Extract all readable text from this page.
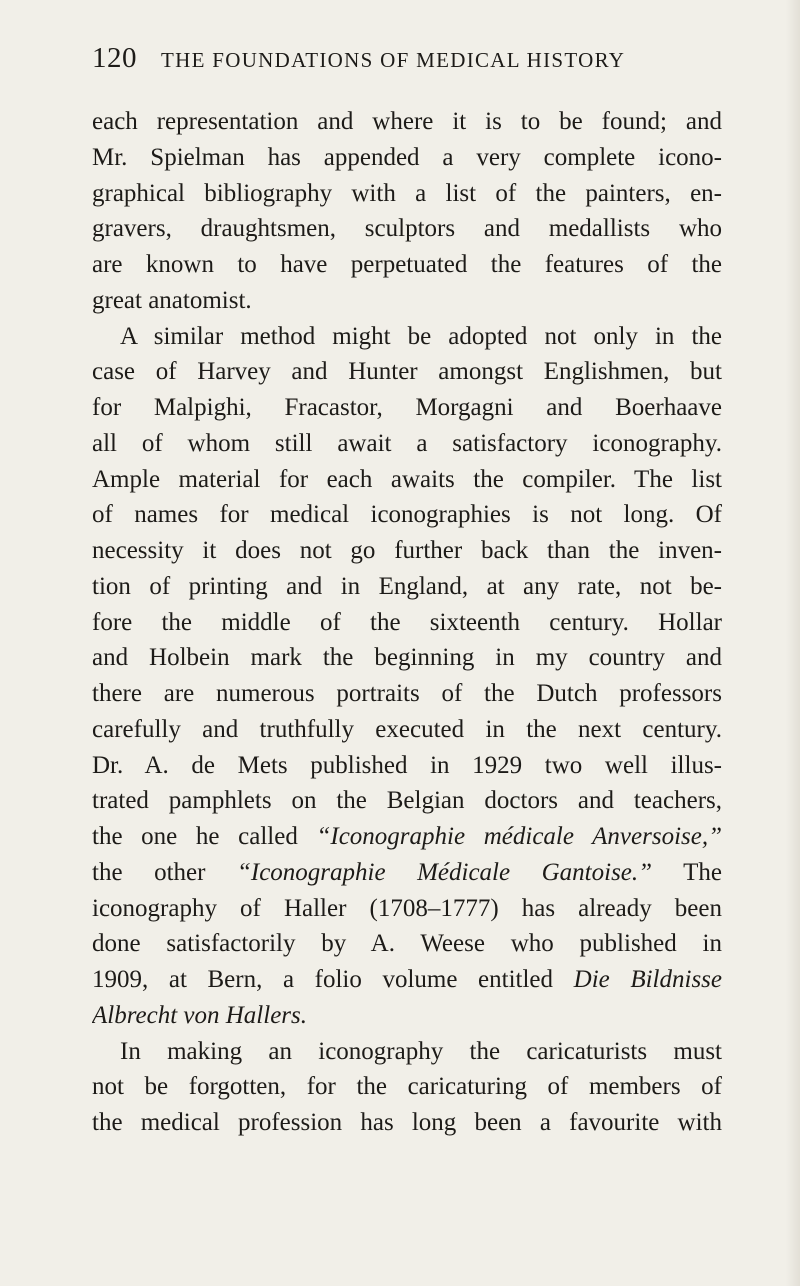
120 THE FOUNDATIONS OF MEDICAL HISTORY
each representation and where it is to be found; and
Mr. Spielman has appended a very complete icono-
graphical bibliography with a list of the painters, en-
gravers, draughtsmen, sculptors and medallists who
are known to have perpetuated the features of the
great anatomist.
A similar method might be adopted not only in the
case of Harvey and Hunter amongst Englishmen, but
for Malpighi, Fracastor, Morgagni and Boerhaave
all of whom still await a satisfactory iconography.
Ample material for each awaits the compiler. The list
of names for medical iconographies is not long. Of
necessity it does not go further back than the inven-
tion of printing and in England, at any rate, not be-
fore the middle of the sixteenth century. Hollar
and Holbein mark the beginning in my country and
there are numerous portraits of the Dutch professors
carefully and truthfully executed in the next century.
Dr. A. de Mets published in 1929 two well illus-
trated pamphlets on the Belgian doctors and teachers,
the one he called “Iconographie médicale Anversoise,”
the other “Iconographie Médicale Gantoise.” The
iconography of Haller (1708–1777) has already been
done satisfactorily by A. Weese who published in
1909, at Bern, a folio volume entitled Die Bildnisse
Albrecht von Hallers.
In making an iconography the caricaturists must
not be forgotten, for the caricaturing of members of
the medical profession has long been a favourite with
